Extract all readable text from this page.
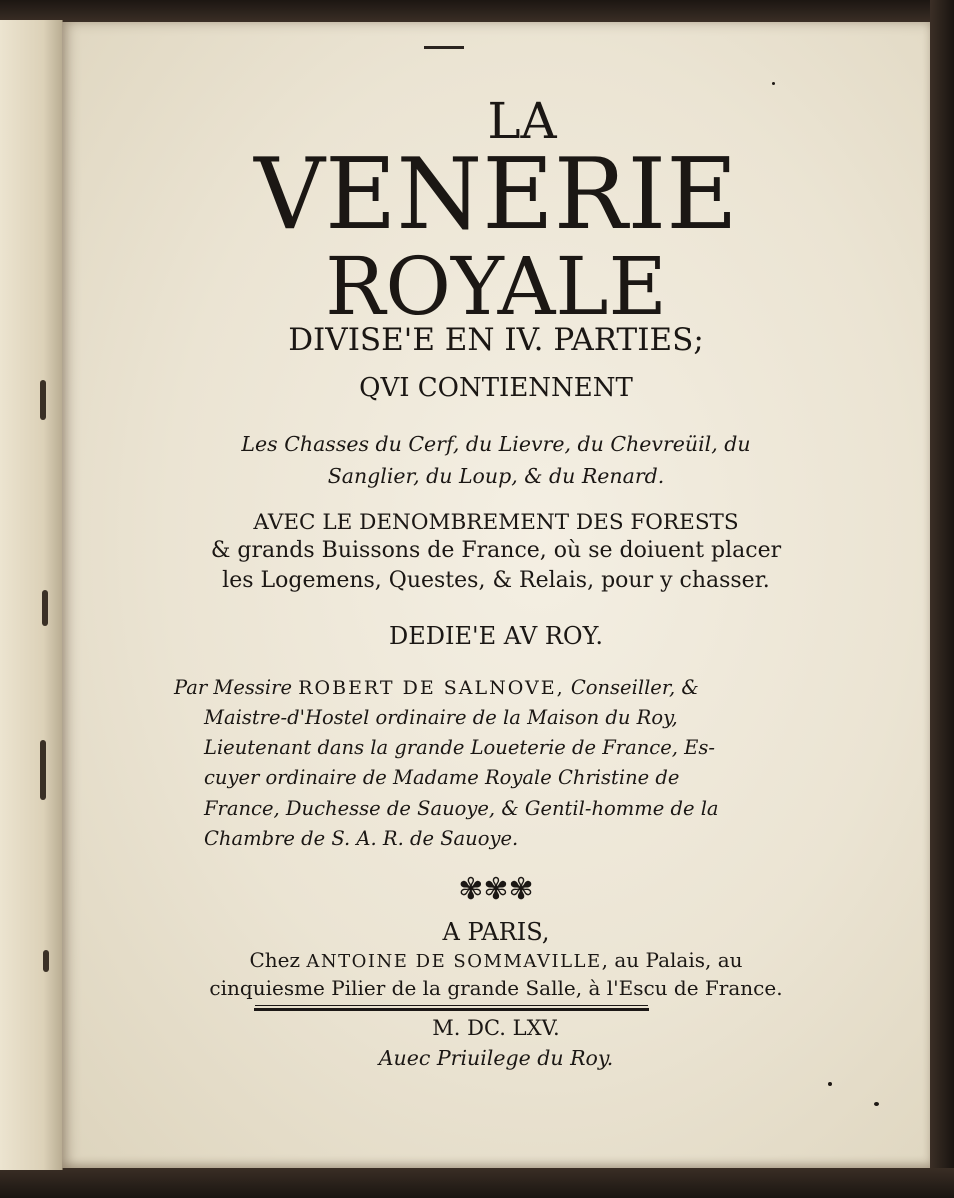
LA
VENERIE
ROYALE
DIVISE'E EN IV. PARTIES;
QVI CONTIENNENT
Les Chasses du Cerf, du Lievre, du Chevreüil, du
Sanglier, du Loup, & du Renard.
AVEC LE DENOMBREMENT DES FORESTS
& grands Buissons de France, où se doiuent placer
les Logemens, Questes, & Relais, pour y chasser.
DEDIE'E AV ROY.
Par Messire ROBERT DE SALNOVE, Conseiller, &
Maistre-d'Hostel ordinaire de la Maison du Roy,
Lieutenant dans la grande Loueterie de France, Es-
cuyer ordinaire de Madame Royale Christine de
France, Duchesse de Sauoye, & Gentil-homme de la
Chambre de S. A. R. de Sauoye.
✾✾✾
A PARIS,
Chez ANTOINE DE SOMMAVILLE, au Palais, au
cinquiesme Pilier de la grande Salle, à l'Escu de France.
M. DC. LXV.
Auec Priuilege du Roy.
